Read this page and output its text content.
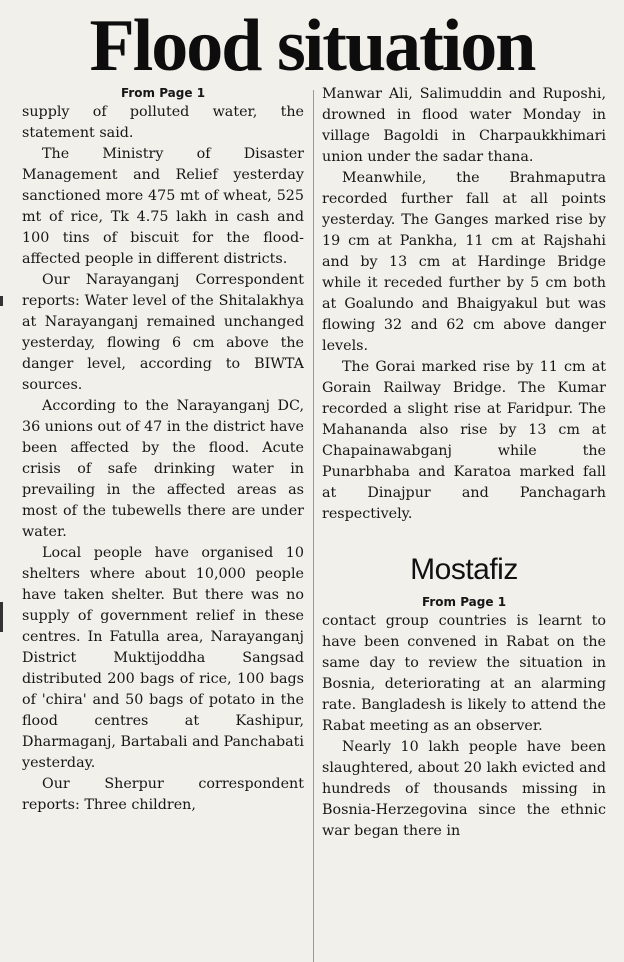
Flood situation
From Page 1

supply of polluted water, the statement said.

The Ministry of Disaster Management and Relief yesterday sanctioned more 475 mt of wheat, 525 mt of rice, Tk 4.75 lakh in cash and 100 tins of biscuit for the flood-affected people in different districts.

Our Narayanganj Correspondent reports: Water level of the Shitalakhya at Narayanganj remained unchanged yesterday, flowing 6 cm above the danger level, according to BIWTA sources.

According to the Narayanganj DC, 36 unions out of 47 in the district have been affected by the flood. Acute crisis of safe drinking water in prevailing in the affected areas as most of the tubewells there are under water.

Local people have organised 10 shelters where about 10,000 people have taken shelter. But there was no supply of government relief in these centres. In Fatulla area, Narayanganj District Muktijoddha Sangsad distributed 200 bags of rice, 100 bags of 'chira' and 50 bags of potato in the flood centres at Kashipur, Dharmaganj, Bartabali and Panchabati yesterday.

Our Sherpur correspondent reports: Three children,

Manwar Ali, Salimuddin and Ruposhi, drowned in flood water Monday in village Bagoldi in Charpaukkhimari union under the sadar thana.

Meanwhile, the Brahmaputra recorded further fall at all points yesterday. The Ganges marked rise by 19 cm at Pankha, 11 cm at Rajshahi and by 13 cm at Hardinge Bridge while it receded further by 5 cm both at Goalundo and Bhaigyakul but was flowing 32 and 62 cm above danger levels.

The Gorai marked rise by 11 cm at Gorain Railway Bridge. The Kumar recorded a slight rise at Faridpur. The Mahananda also rise by 13 cm at Chapainawabganj while the Punarbhaba and Karatoa marked fall at Dinajpur and Panchagarh respectively.

Mostafiz
From Page 1

contact group countries is learnt to have been convened in Rabat on the same day to review the situation in Bosnia, deteriorating at an alarming rate. Bangladesh is likely to attend the Rabat meeting as an observer.

Nearly 10 lakh people have been slaughtered, about 20 lakh evicted and hundreds of thousands missing in Bosnia-Herzegovina since the ethnic war began there in
